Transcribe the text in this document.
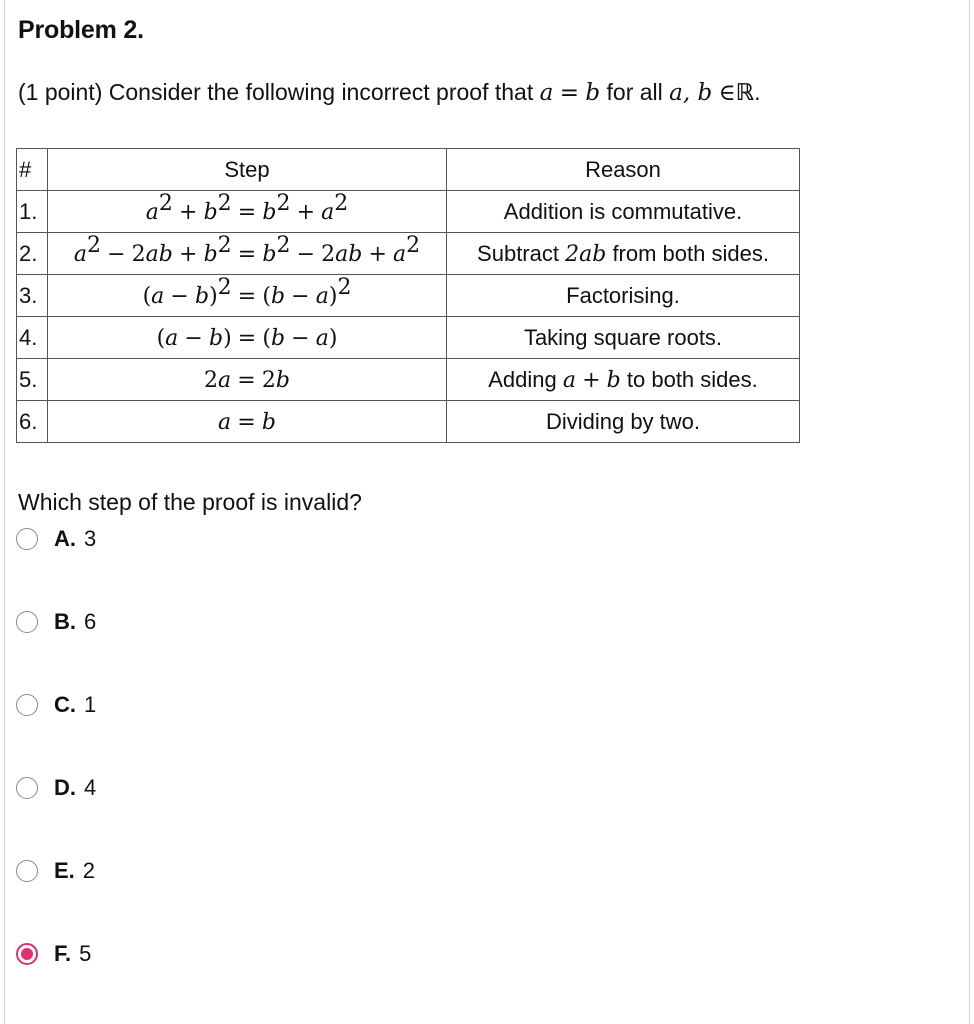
Problem 2.
(1 point) Consider the following incorrect proof that a = b for all a, b ∈ℝ.
#	Step	Reason
1.	$a^2 + b^2 = b^2 + a^2$	Addition is commutative.
2.	$a^2 - 2ab + b^2 = b^2 - 2ab + a^2$	Subtract 2ab from both sides.
3.	$(a - b)^2 = (b - a)^2$	Factorising.
4.	(a − b) = (b − a)	Taking square roots.
5.	2a = 2b	Adding a + b to both sides.
6.	a = b	Dividing by two.
Which step of the proof is invalid?
A. 3
B. 6
C. 1
D. 4
E. 2
F. 5
